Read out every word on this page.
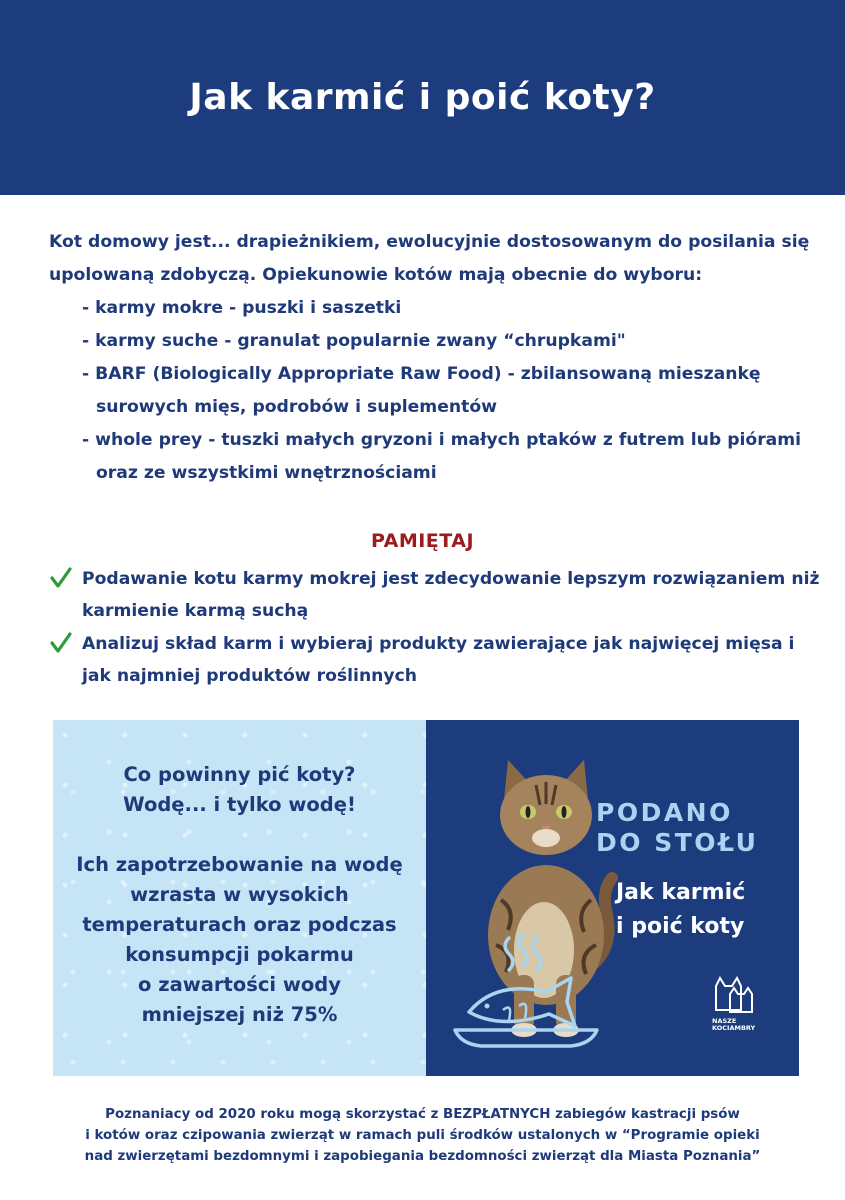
Jak karmić i poić koty?

Kot domowy jest... drapieżnikiem, ewolucyjnie dostosowanym do posilania się upolowaną zdobyczą. Opiekunowie kotów mają obecnie do wyboru:

- karmy mokre - puszki i saszetki
- karmy suche - granulat popularnie zwany “chrupkami"
- BARF (Biologically Appropriate Raw Food) - zbilansowaną mieszankę surowych mięs, podrobów i suplementów
- whole prey - tuszki małych gryzoni i małych ptaków z futrem lub piórami oraz ze wszystkimi wnętrznościami
PAMIĘTAJ
Podawanie kotu karmy mokrej jest zdecydowanie lepszym rozwiązaniem niż karmienie karmą suchą
Analizuj skład karm i wybieraj produkty zawierające jak najwięcej mięsa i jak najmniej produktów roślinnych

Co powinny pić koty?

Wodę... i tylko wodę!

Ich zapotrzebowanie na wodę

wzrasta w wysokich

temperaturach oraz podczas

konsumpcji pokarmu

o zawartości wody

mniejszej niż 75%

PODANO
DO STOŁU
Jak karmić
i poić koty
NASZE
KOCIAMBRY

Poznaniacy od 2020 roku mogą skorzystać z BEZPŁATNYCH zabiegów kastracji psów

i kotów oraz czipowania zwierząt w ramach puli środków ustalonych w “Programie opieki

nad zwierzętami bezdomnymi i zapobiegania bezdomności zwierząt dla Miasta Poznania”
